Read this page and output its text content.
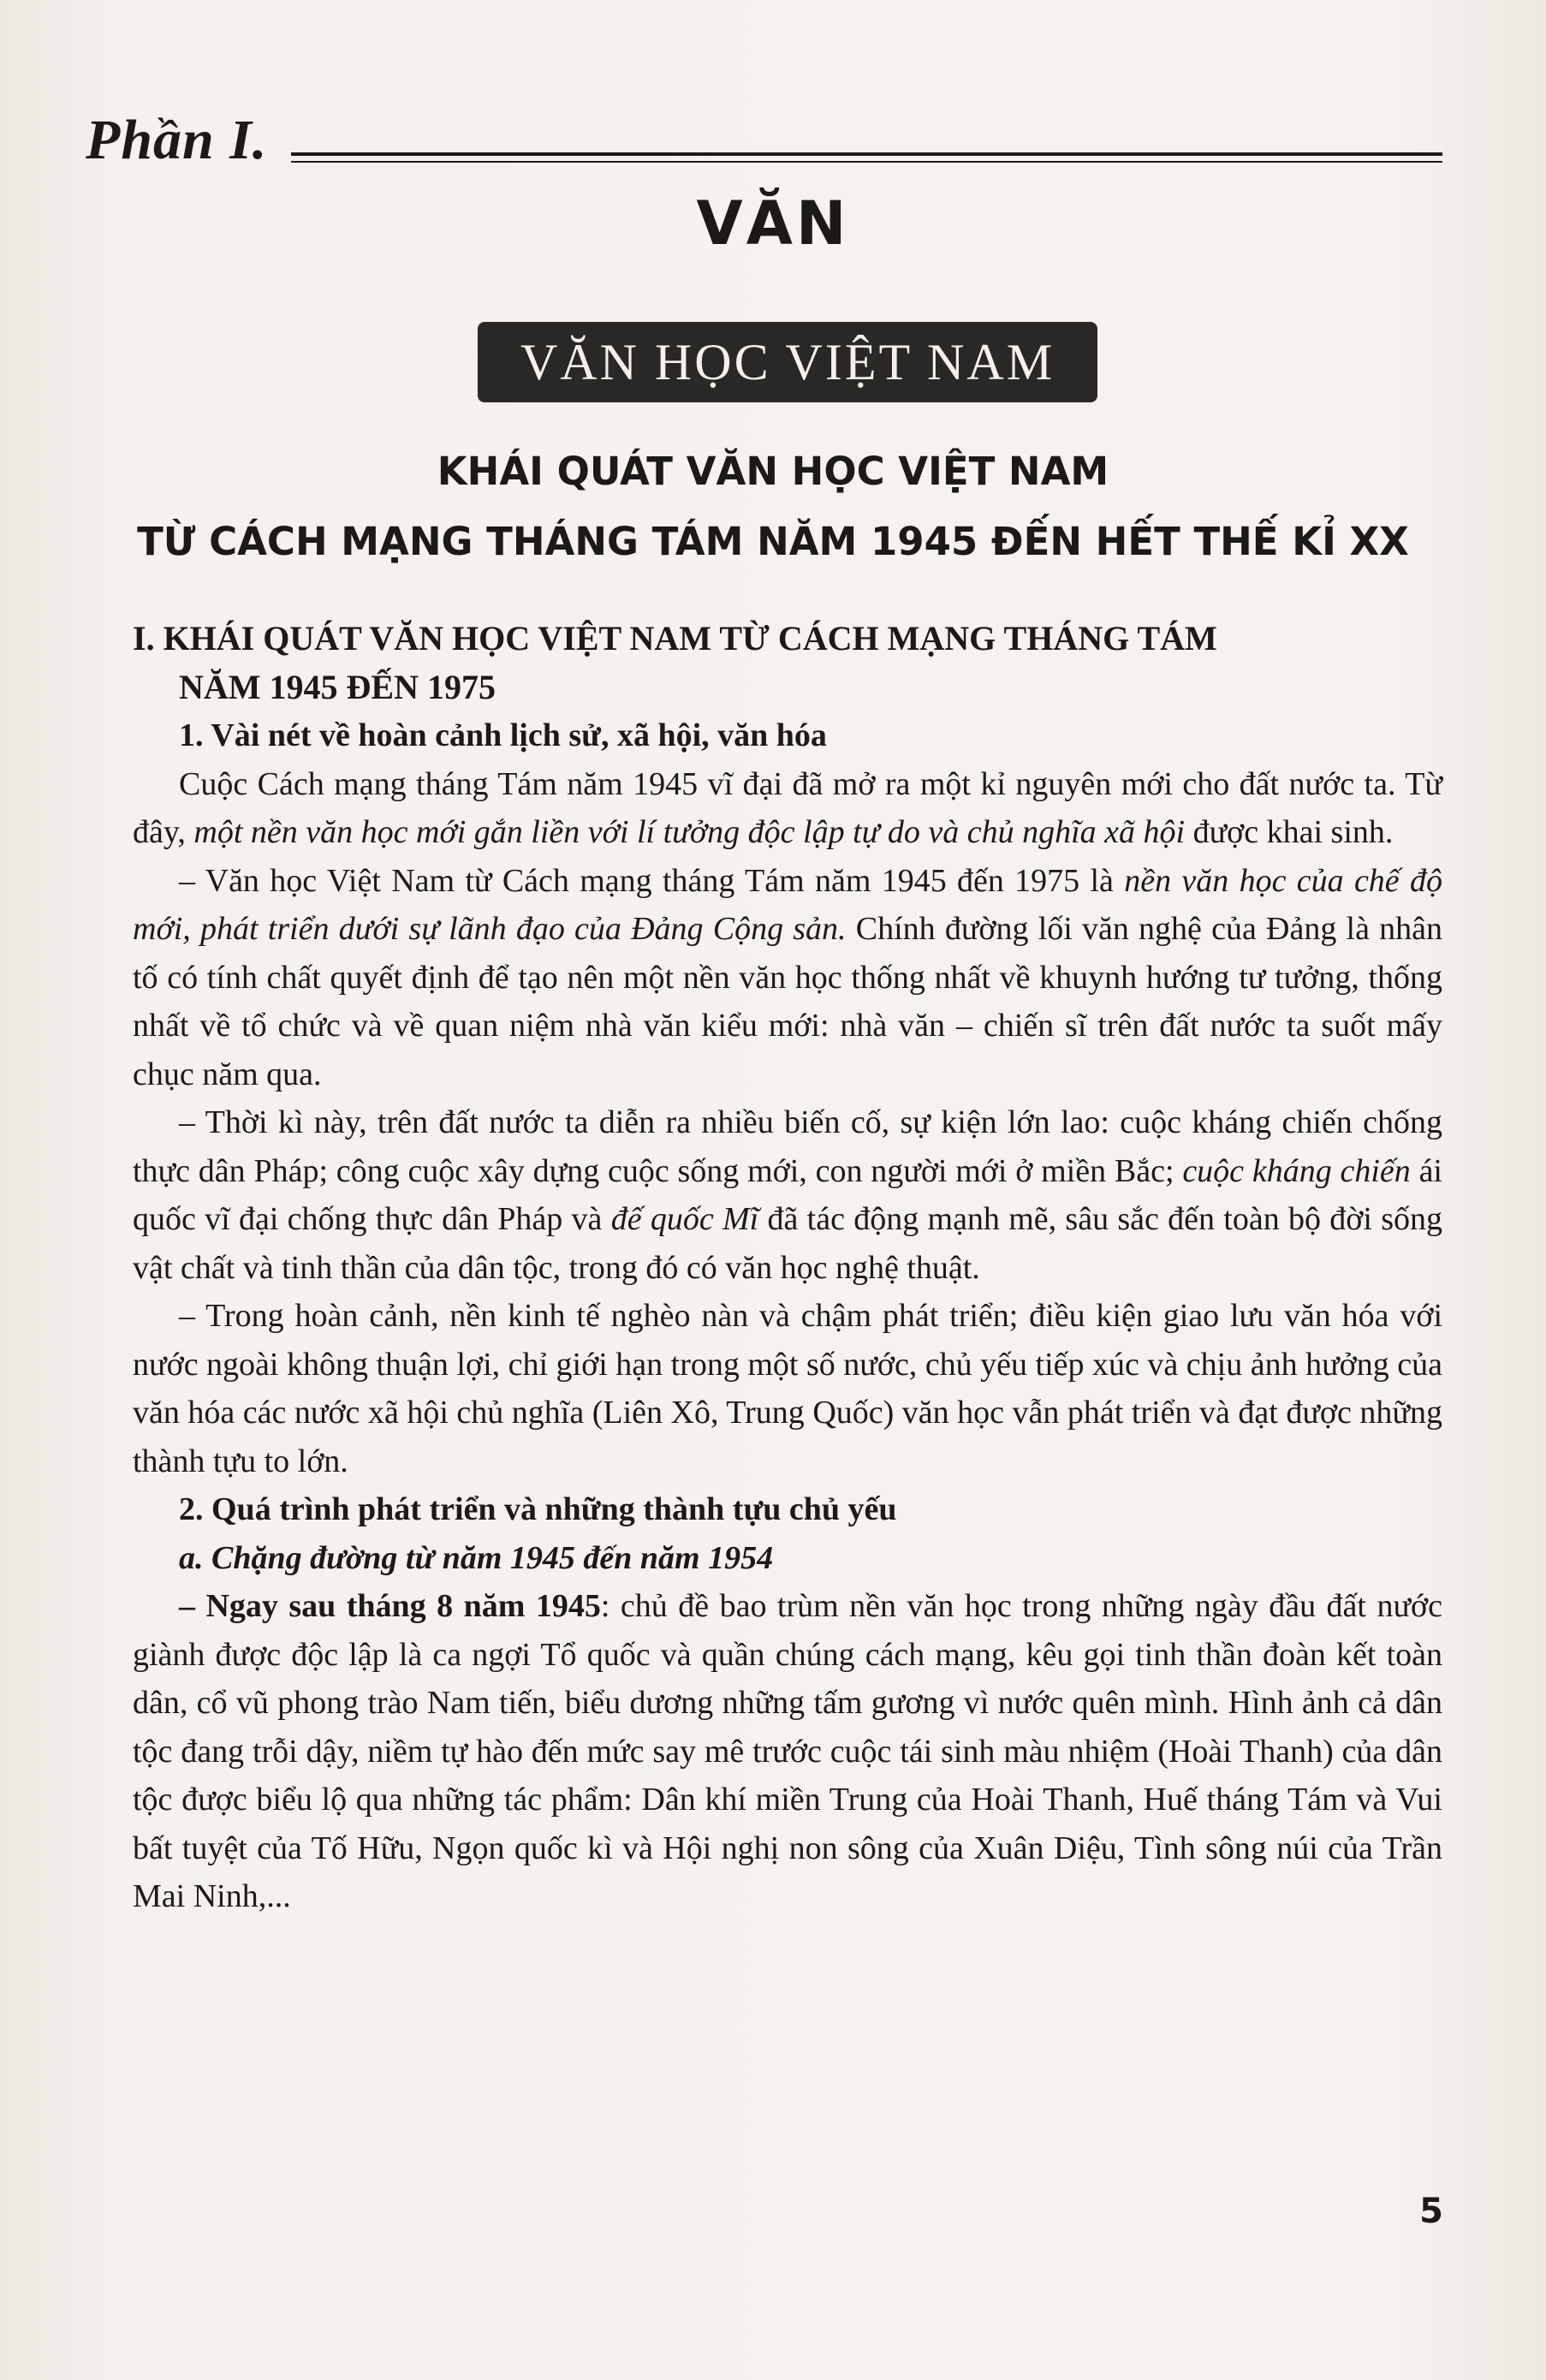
Phần I.
VĂN
VĂN HỌC VIỆT NAM
KHÁI QUÁT VĂN HỌC VIỆT NAM
TỪ CÁCH MẠNG THÁNG TÁM NĂM 1945 ĐẾN HẾT THẾ KỈ XX

I. KHÁI QUÁT VĂN HỌC VIỆT NAM TỪ CÁCH MẠNG THÁNG TÁM
NĂM 1945 ĐẾN 1975

1. Vài nét về hoàn cảnh lịch sử, xã hội, văn hóa

Cuộc Cách mạng tháng Tám năm 1945 vĩ đại đã mở ra một kỉ nguyên mới cho đất nước ta. Từ đây, một nền văn học mới gắn liền với lí tưởng độc lập tự do và chủ nghĩa xã hội được khai sinh.

– Văn học Việt Nam từ Cách mạng tháng Tám năm 1945 đến 1975 là nền văn học của chế độ mới, phát triển dưới sự lãnh đạo của Đảng Cộng sản. Chính đường lối văn nghệ của Đảng là nhân tố có tính chất quyết định để tạo nên một nền văn học thống nhất về khuynh hướng tư tưởng, thống nhất về tổ chức và về quan niệm nhà văn kiểu mới: nhà văn – chiến sĩ trên đất nước ta suốt mấy chục năm qua.

– Thời kì này, trên đất nước ta diễn ra nhiều biến cố, sự kiện lớn lao: cuộc kháng chiến chống thực dân Pháp; công cuộc xây dựng cuộc sống mới, con người mới ở miền Bắc; cuộc kháng chiến ái quốc vĩ đại chống thực dân Pháp và đế quốc Mĩ đã tác động mạnh mẽ, sâu sắc đến toàn bộ đời sống vật chất và tinh thần của dân tộc, trong đó có văn học nghệ thuật.

– Trong hoàn cảnh, nền kinh tế nghèo nàn và chậm phát triển; điều kiện giao lưu văn hóa với nước ngoài không thuận lợi, chỉ giới hạn trong một số nước, chủ yếu tiếp xúc và chịu ảnh hưởng của văn hóa các nước xã hội chủ nghĩa (Liên Xô, Trung Quốc) văn học vẫn phát triển và đạt được những thành tựu to lớn.

2. Quá trình phát triển và những thành tựu chủ yếu

a. Chặng đường từ năm 1945 đến năm 1954

– Ngay sau tháng 8 năm 1945: chủ đề bao trùm nền văn học trong những ngày đầu đất nước giành được độc lập là ca ngợi Tổ quốc và quần chúng cách mạng, kêu gọi tinh thần đoàn kết toàn dân, cổ vũ phong trào Nam tiến, biểu dương những tấm gương vì nước quên mình. Hình ảnh cả dân tộc đang trỗi dậy, niềm tự hào đến mức say mê trước cuộc tái sinh màu nhiệm (Hoài Thanh) của dân tộc được biểu lộ qua những tác phẩm: Dân khí miền Trung của Hoài Thanh, Huế tháng Tám và Vui bất tuyệt của Tố Hữu, Ngọn quốc kì và Hội nghị non sông của Xuân Diệu, Tình sông núi của Trần Mai Ninh,...

5
